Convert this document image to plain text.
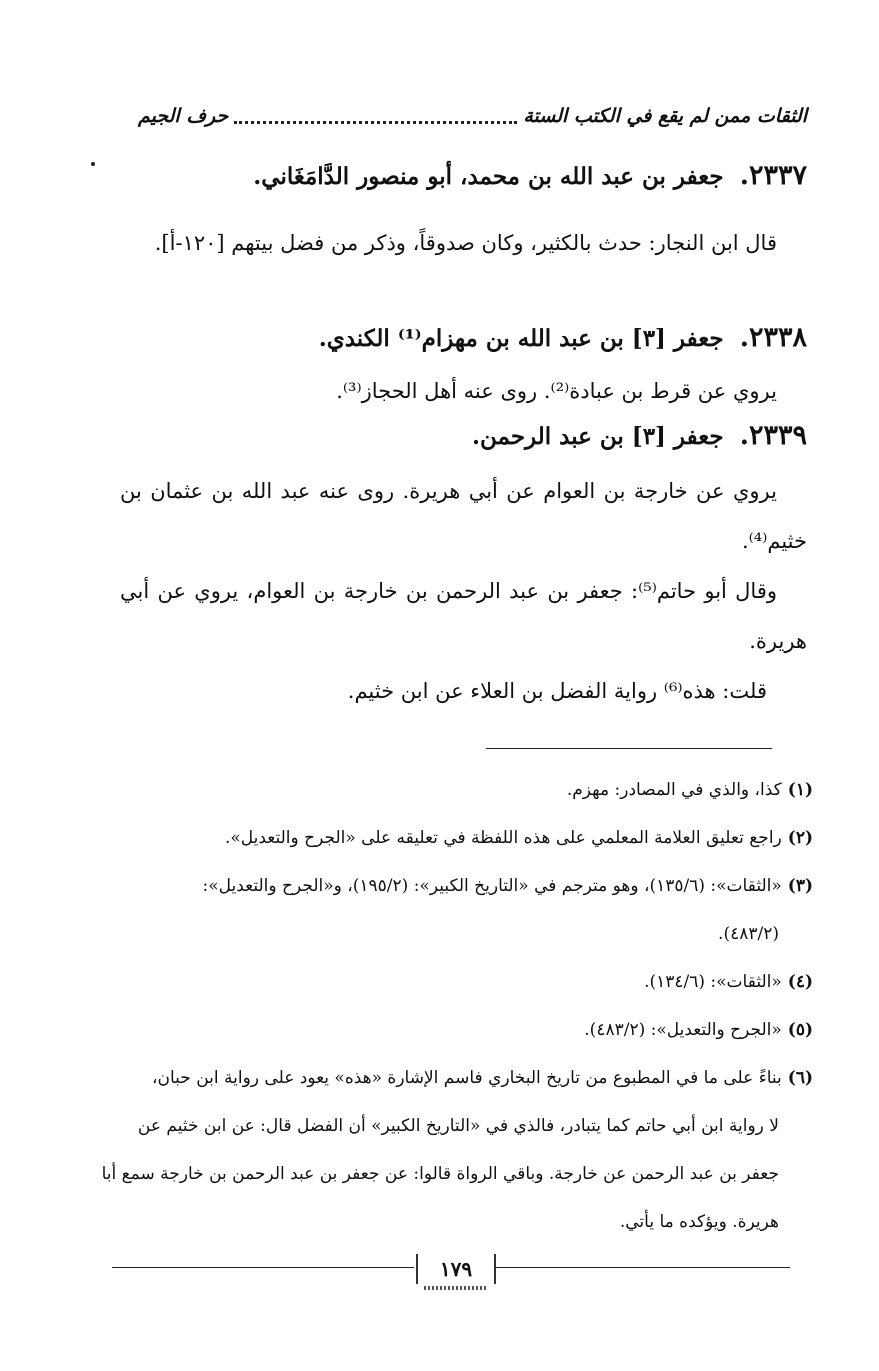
حرف الجيم	الثقات ممن لم يقع في الكتب الستة
٢٣٣٧.جعفر بن عبد الله بن محمد، أبو منصور الدَّامَغَاني.
قال ابن النجار: حدث بالكثير، وكان صدوقاً، وذكر من فضل بيتهم [١٢٠-أ].
٢٣٣٨.جعفر [٣] بن عبد الله بن مهزام⁽¹⁾ الكندي.
يروي عن قرط بن عبادة⁽²⁾. روى عنه أهل الحجاز⁽³⁾.
٢٣٣٩.جعفر [٣] بن عبد الرحمن.
يروي عن خارجة بن العوام عن أبي هريرة. روى عنه عبد الله بن عثمان بن خثيم⁽⁴⁾.
وقال أبو حاتم⁽⁵⁾: جعفر بن عبد الرحمن بن خارجة بن العوام، يروي عن أبي هريرة.
قلت: هذه⁽⁶⁾ رواية الفضل بن العلاء عن ابن خثيم.
(١)كذا، والذي في المصادر: مهزم.
(٢)راجع تعليق العلامة المعلمي على هذه اللفظة في تعليقه على «الجرح والتعديل».
(٣)«الثقات»: (١٣٥/٦)، وهو مترجم في «التاريخ الكبير»: (١٩٥/٢)، و«الجرح والتعديل»:
(٤٨٣/٢).
(٤)«الثقات»: (١٣٤/٦).
(٥)«الجرح والتعديل»: (٤٨٣/٢).
(٦)بناءً على ما في المطبوع من تاريخ البخاري فاسم الإشارة «هذه» يعود على رواية ابن حبان،
لا رواية ابن أبي حاتم كما يتبادر، فالذي في «التاريخ الكبير» أن الفضل قال: عن ابن خثيم عن جعفر بن عبد الرحمن عن خارجة. وباقي الرواة قالوا: عن جعفر بن عبد الرحمن بن خارجة سمع أبا هريرة. ويؤكده ما يأتي.
١٧٩
